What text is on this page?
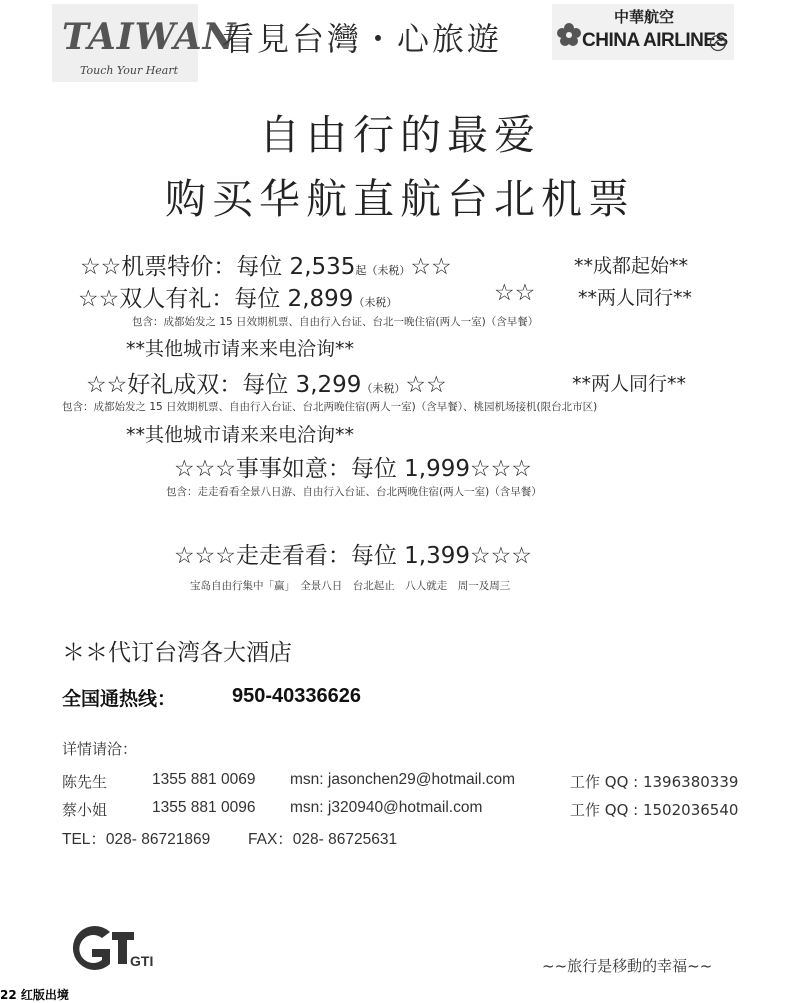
TAIWAN
Touch Your Heart
看見台灣・心旅遊
中華航空
CHINA AIRLINES
自由行的最爱
购买华航直航台北机票
☆☆机票特价：每位 2,535起（未税）☆☆	**成都起始**
☆☆双人有礼：每位 2,899（未税）	☆☆ **两人同行**
包含：成都始发之 15 日效期机票、自由行入台证、台北一晚住宿(两人一室)（含早餐）
**其他城市请来来电洽询**
☆☆好礼成双：每位 3,299（未税）☆☆	**两人同行**
包含：成都始发之 15 日效期机票、自由行入台证、台北两晚住宿(两人一室)（含早餐）、桃园机场接机(限台北市区)
**其他城市请来来电洽询**
☆☆☆事事如意：每位 1,999☆☆☆
包含：走走看看全景八日游、自由行入台证、台北两晚住宿(两人一室)（含早餐）
☆☆☆走走看看：每位 1,399☆☆☆
宝岛自由行集中「赢」　全景八日　台北起止　八人就走　周一及周三
＊＊代订台湾各大酒店
全国通热线：	950-40336626
详情请洽：
陈先生	1355 881 0069 msn: jasonchen29@hotmail.com	工作 QQ : 1396380339
蔡小姐	1355 881 0096 msn: j320940@hotmail.com	工作 QQ : 1502036540
TEL：028- 86721869 FAX：028- 86725631
GTI	~~旅行是移動的幸福~~
22 红版出境
